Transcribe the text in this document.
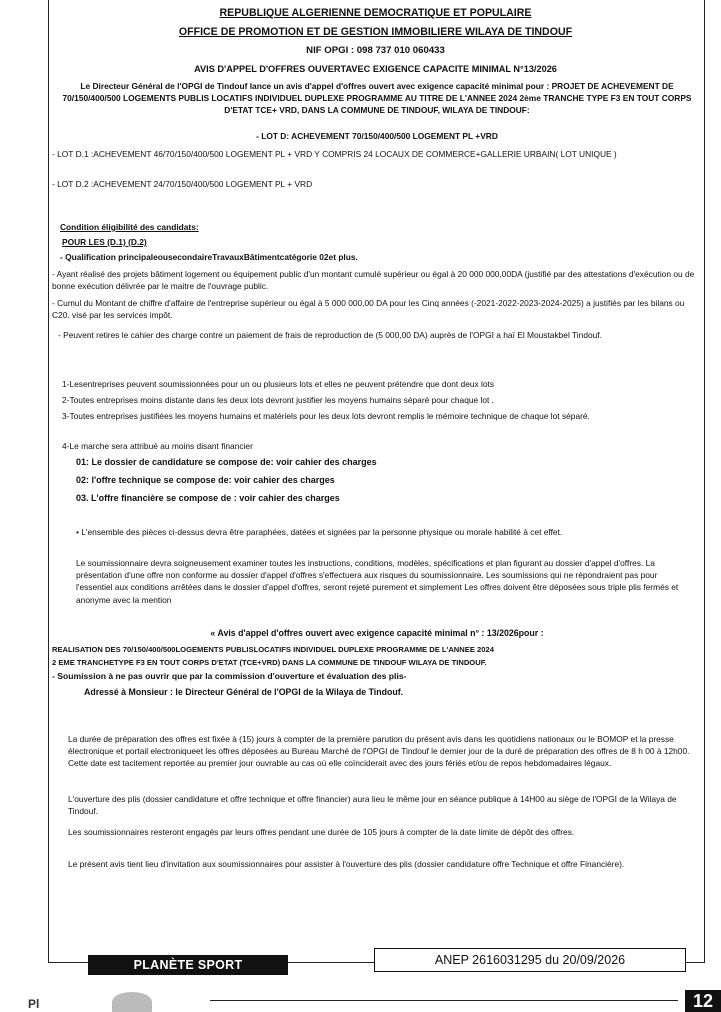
REPUBLIQUE ALGERIENNE DEMOCRATIQUE ET POPULAIRE
OFFICE DE PROMOTION ET DE GESTION IMMOBILIERE WILAYA DE TINDOUF
NIF OPGI : 098 737 010 060433
AVIS D'APPEL D'OFFRES OUVERTAVEC EXIGENCE CAPACITE MINIMAL N°13/2026
Le Directeur Général de l'OPGI de Tindouf lance un avis d'appel d'offres ouvert avec exigence capacité minimal pour : PROJET DE ACHEVEMENT DE 70/150/400/500 LOGEMENTS PUBLIS LOCATIFS INDIVIDUEL DUPLEXE PROGRAMME AU TITRE DE L'ANNEE 2024 2ème TRANCHE TYPE F3 EN TOUT CORPS D'ETAT TCE+ VRD, DANS LA COMMUNE DE TINDOUF, WILAYA DE TINDOUF:
- LOT D: ACHEVEMENT 70/150/400/500 LOGEMENT PL +VRD
- LOT D.1 :ACHEVEMENT 46/70/150/400/500 LOGEMENT PL + VRD Y COMPRIS 24 LOCAUX DE COMMERCE+GALLERIE URBAIN( LOT UNIQUE )
- LOT D.2 :ACHEVEMENT 24/70/150/400/500 LOGEMENT PL + VRD
Condition éligibilité des candidats:
POUR LES (D.1) (D.2)
- Qualification principaleousecondaireTravauxBâtimentcatégorie 02et plus.
- Ayant réalisé des projets bâtiment logement ou équipement public d'un montant cumulé supérieur ou égal à 20 000 000,00DA (justifié par des attestations d'exécution ou de bonne exécution délivrée par le maitre de l'ouvrage public.
- Cumul du Montant de chiffre d'affaire de l'entreprise supérieur ou égal à 5 000 000,00 DA pour les Cinq années (-2021-2022-2023-2024-2025) a justifiés par les bilans ou C20. visé par les services impôt.
- Peuvent retires le cahier des charge contre un paiement de frais de reproduction de (5 000,00 DA) auprès de l'OPGI a haï El Moustakbel Tindouf.
1-Lesentreprises peuvent soumissionnées pour un ou plusieurs lots et elles ne peuvent prétendre que dont deux lots
2-Toutes entreprises moins distante dans les deux lots devront justifier les moyens humains séparé pour chaque lot .
3-Toutes entreprises justifiées les moyens humains et matériels pour les deux lots devront remplis le mémoire technique de chaque lot séparé.
4-Le marche sera attribué au moins disant financier
01: Le dossier de candidature se compose de: voir cahier des charges
02: l'offre technique se compose de: voir cahier des charges
03. L'offre financière se compose de : voir cahier des charges
• L'ensemble des pièces ci-dessus devra être paraphées, datées et signées par la personne physique ou morale habilité à cet effet.
Le soumissionnaire devra soigneusement examiner toutes les instructions, conditions, modèles, spécifications et plan figurant au dossier d'appel d'offres. La présentation d'une offre non conforme au dossier d'appel d'offres s'effectuera aux risques du soumissionnaire. Les soumissions qui ne répondraient pas pour l'essentiel aux conditions arrêtées dans le dossier d'appel d'offres, seront rejeté purement et simplement Les offres doivent être déposées sous triple plis fermés et anonyme avec la mention
« Avis d'appel d'offres ouvert avec exigence capacité minimal n° : 13/2026pour :
REALISATION DES 70/150/400/500LOGEMENTS PUBLISLOCATIFS INDIVIDUEL DUPLEXE PROGRAMME DE L'ANNEE 2024
2 EME TRANCHETYPE F3 EN TOUT CORPS D'ETAT (TCE+VRD) DANS LA COMMUNE DE TINDOUF WILAYA DE TINDOUF.
- Soumission à ne pas ouvrir que par la commission d'ouverture et évaluation des plis-
Adressé à Monsieur : le Directeur Général de l'OPGI de la Wilaya de Tindouf.
La durée de préparation des offres est fixée à (15) jours à compter de la première parution du présent avis dans les quotidiens nationaux ou le BOMOP et la presse électronique et portail electroniqueet les offres déposées au Bureau Marché de l'OPGI de Tindouf le dernier jour de la duré de préparation des offres de 8 h 00 à 12h00. Cette date est tacitement reportée au premier jour ouvrable au cas où elle coïnciderait avec des jours fériés et/ou de repos hebdomadaires légaux.
L'ouverture des plis (dossier candidature et offre technique et offre financier) aura lieu le même jour en séance publique à 14H00 au siège de l'OPGI de la Wilaya de Tindouf.
Les soumissionnaires resteront engagés par leurs offres pendant une durée de 105 jours à compter de la date limite de dépôt des offres.
Le présent avis tient lieu d'invitation aux soumissionnaires pour assister à l'ouverture des plis (dossier candidature offre Technique et offre Financière).
PLANÈTE SPORT	ANEP 2616031295 du 20/09/2026
Pl	12
